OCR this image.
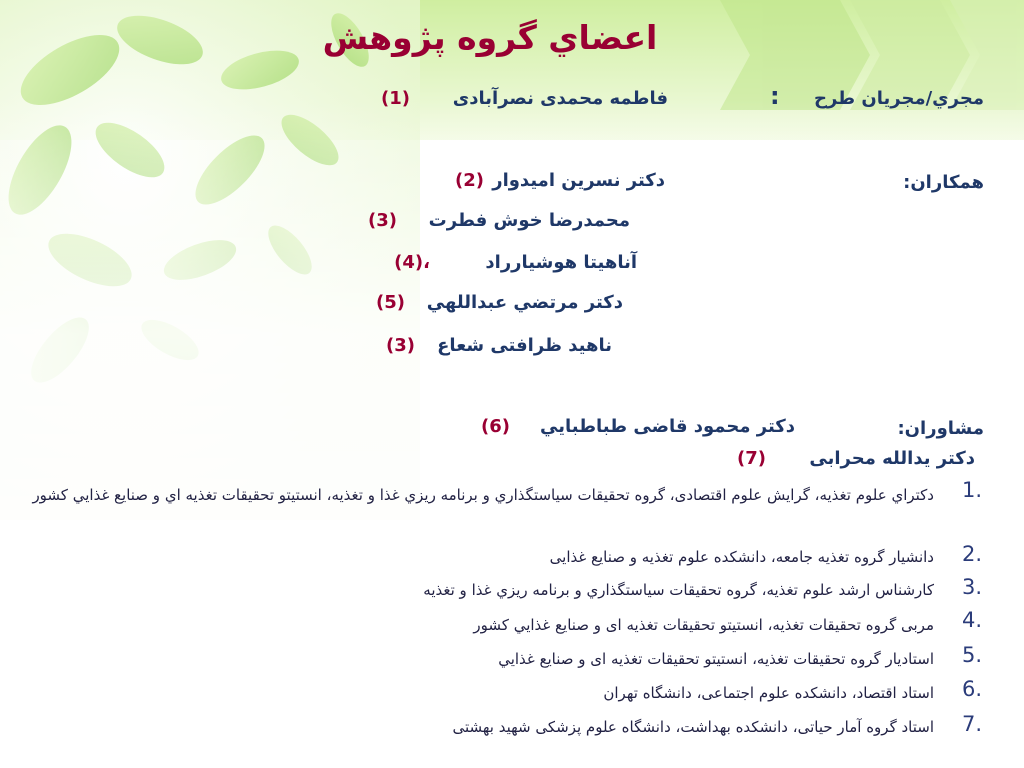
اعضاي گروه پژوهش
مجري/مجريان طرح
:
فاطمه محمدی نصرآبادی
(1)
همکاران:
دکتر نسرین امیدوار
(2)
محمدرضا خوش فطرت
(3)
آناهیتا هوشیارراد
(4)،
دکتر مرتضي عبداللهي
(5)
ناهید ظرافتی شعاع
(3)
مشاوران:
دکتر محمود قاضی طباطبايي
(6)
دکتر یدالله محرابی
(7)
1.
دکتراي علوم تغذیه، گرایش علوم اقتصادی، گروه تحقیقات سیاستگذاري و برنامه ریزي غذا و تغذیه، انستیتو تحقیقات تغذیه اي و صنایع غذايي کشور
2.
دانشیار گروه تغذیه جامعه، دانشکده علوم تغذیه و صنایع غذایی
3.
کارشناس ارشد علوم تغذیه، گروه تحقیقات سیاستگذاري و برنامه ریزي غذا و تغذیه
4.
مربی گروه تحقیقات تغذیه، انستیتو تحقیقات تغذیه ای و صنایع غذايي کشور
5.
استادیار گروه تحقیقات تغذیه، انستیتو تحقیقات تغذیه ای و صنایع غذايي
6.
استاد اقتصاد، دانشکده علوم اجتماعی، دانشگاه تهران
7.
استاد گروه آمار حیاتی، دانشکده بهداشت، دانشگاه علوم پزشکی شهید بهشتی
